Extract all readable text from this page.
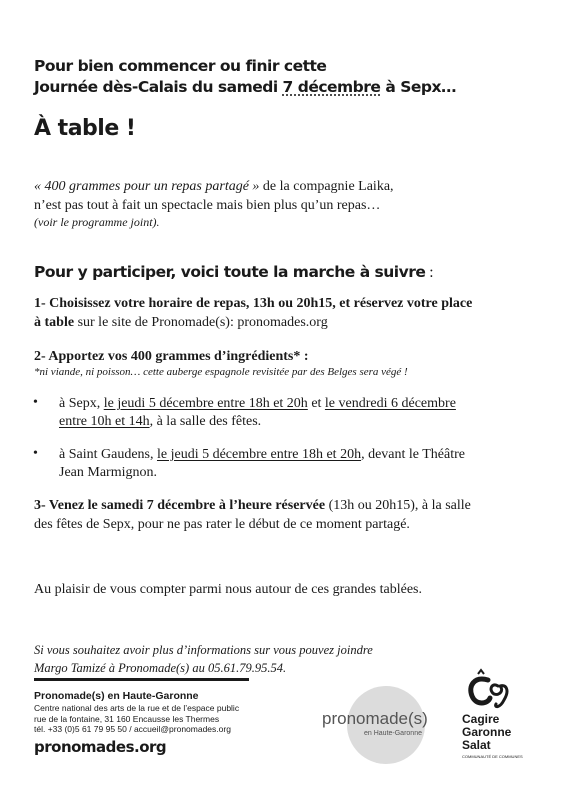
Pour bien commencer ou finir cette
Journée dès-Calais du samedi 7 décembre à Sepx…
À table !
« 400 grammes pour un repas partagé » de la compagnie Laika,
n’est pas tout à fait un spectacle mais bien plus qu’un repas…
(voir le programme joint).
Pour y participer, voici toute la marche à suivre :
1- Choisissez votre horaire de repas, 13h ou 20h15, et réservez votre place
à table sur le site de Pronomade(s): pronomades.org
2- Apportez vos 400 grammes d’ingrédients* :
*ni viande, ni poisson… cette auberge espagnole revisitée par des Belges sera végé !
• à Sepx, le jeudi 5 décembre entre 18h et 20h et le vendredi 6 décembre
entre 10h et 14h, à la salle des fêtes.
• à Saint Gaudens, le jeudi 5 décembre entre 18h et 20h, devant le Théâtre
Jean Marmignon.
3- Venez le samedi 7 décembre à l’heure réservée (13h ou 20h15), à la salle
des fêtes de Sepx, pour ne pas rater le début de ce moment partagé.
Au plaisir de vous compter parmi nous autour de ces grandes tablées.
Si vous souhaitez avoir plus d’informations sur vous pouvez joindre
Margo Tamizé à Pronomade(s) au 05.61.79.95.54.
Pronomade(s) en Haute-Garonne
Centre national des arts de la rue et de l’espace public
rue de la fontaine, 31 160 Encausse les Thermes
tél. +33 (0)5 61 79 95 50 / accueil@pronomades.org
pronomades.org
pronomade(s)
en Haute-Garonne
Cagire
Garonne
Salat
COMMUNAUTÉ DE COMMUNES
